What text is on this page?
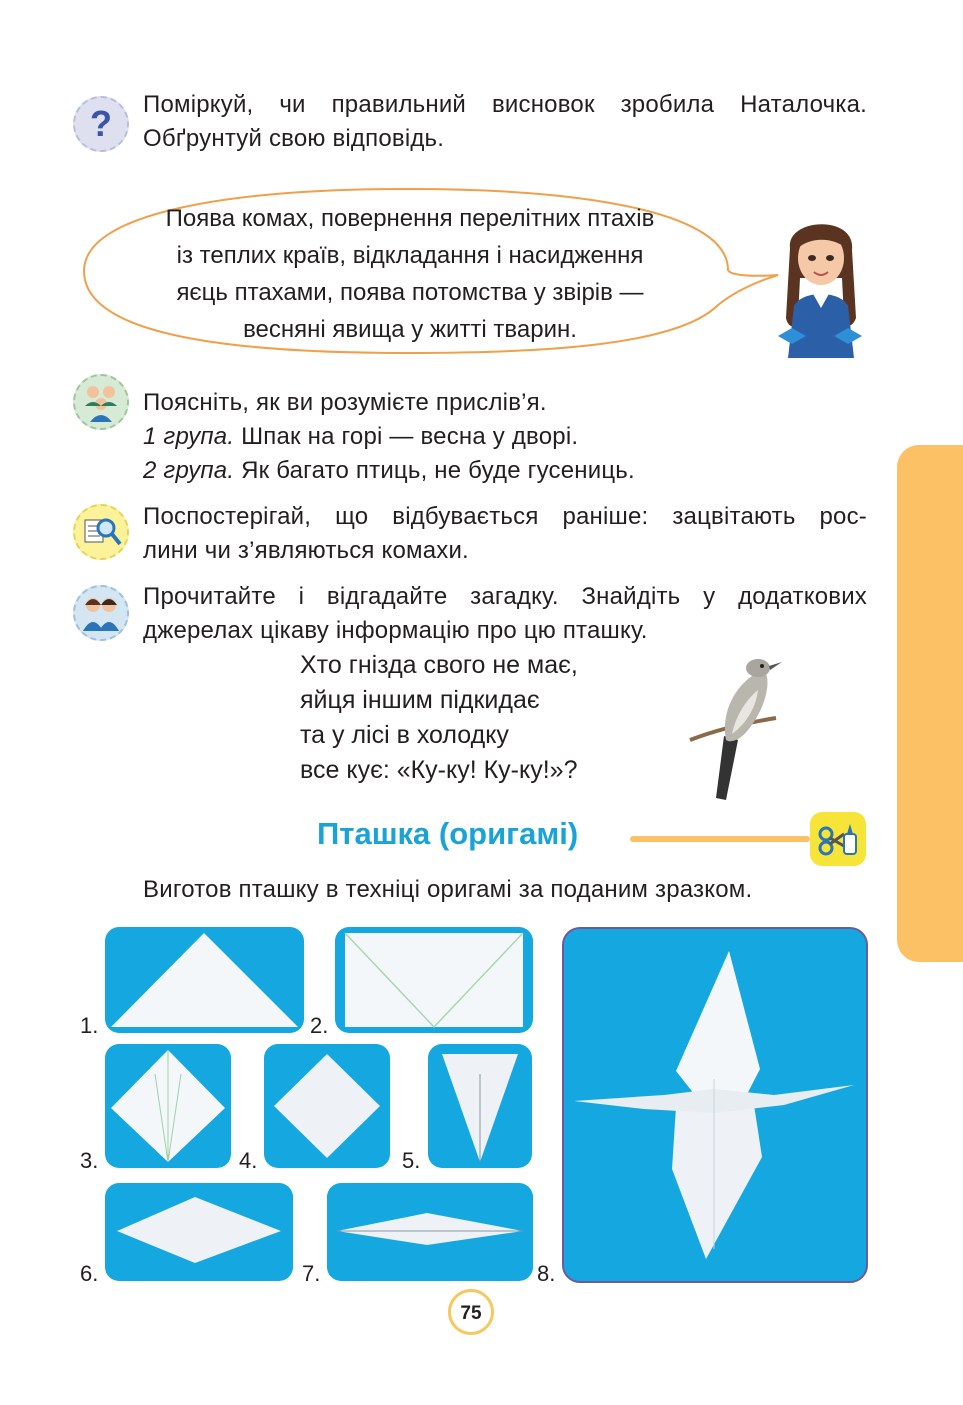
? Поміркуй, чи правильний висновок зробила Наталочка.
Обґрунтуй свою відповідь.
Поява комах, повернення перелітних птахів
із теплих країв, відкладання і насидження
яєць птахами, поява потомства у звірів —
весняні явища у житті тварин.
Поясніть, як ви розумієте прислів’я.
1 група. Шпак на горі — весна у дворі.
2 група. Як багато птиць, не буде гусениць.
Поспостерігай, що відбувається раніше: зацвітають рос-
лини чи з’являються комахи.
Прочитайте і відгадайте загадку. Знайдіть у додаткових
джерелах цікаву інформацію про цю пташку.
Хто гнізда свого не має,
яйця іншим підкидає
та у лісі в холодку
все кує: «Ку-ку! Ку-ку!»?
Пташка (оригамі)
Виготов пташку в техніці оригамі за поданим зразком.
1.	2.
3.	4.	5.
6.	7.	8.
75
